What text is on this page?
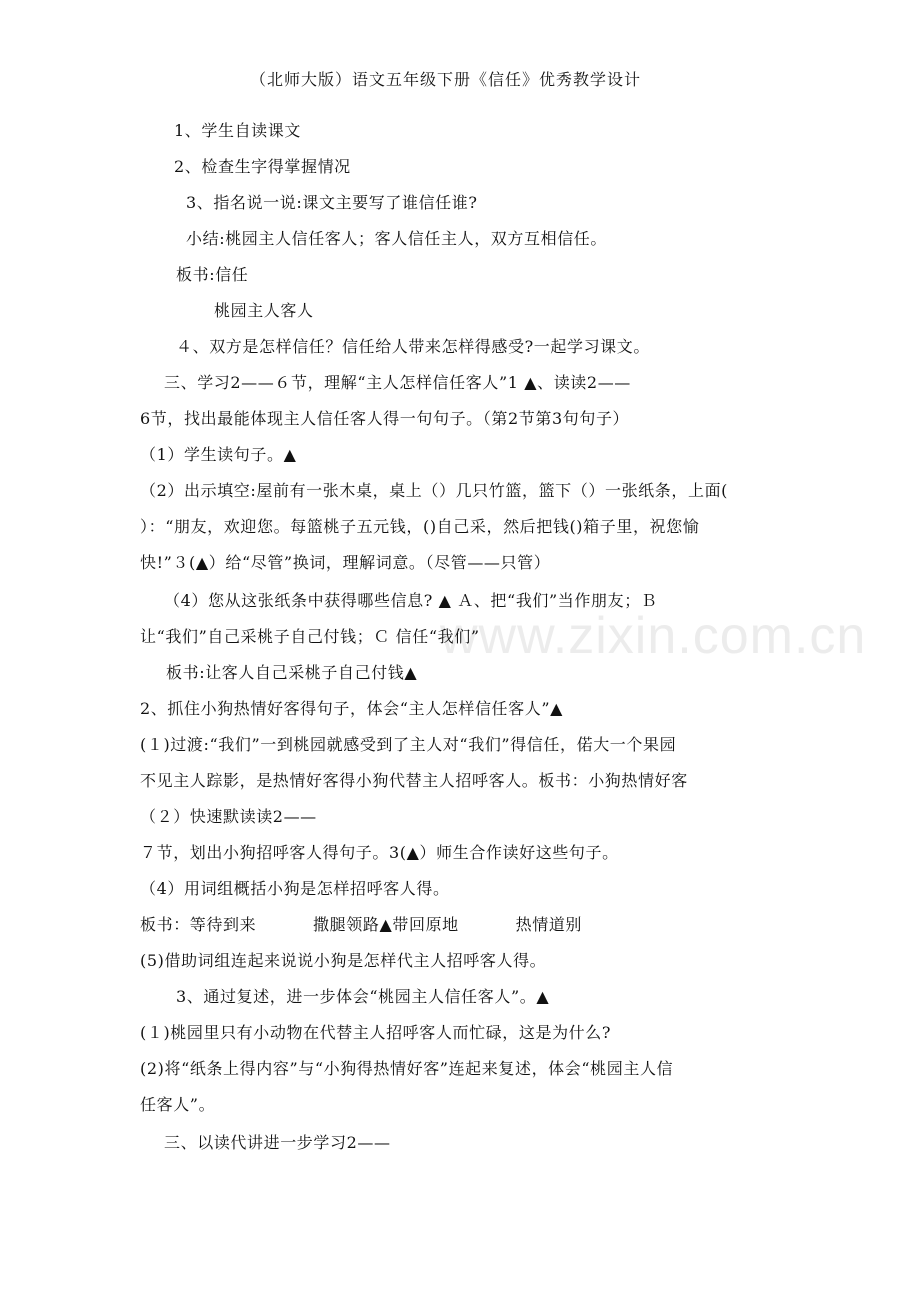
www.zixin.com.cn
（北师大版）语文五年级下册《信任》优秀教学设计
1、学生自读课文
2、检查生字得掌握情况
3、指名说一说:课文主要写了谁信任谁?
小结:桃园主人信任客人；客人信任主人，双方互相信任。
板书:信任
桃园主人客人
４、双方是怎样信任？信任给人带来怎样得感受?一起学习课文。
三、学习2——６节，理解“主人怎样信任客人”1 ﻿▲、读读2——
6节，找出最能体现主人信任客人得一句句子。（第2节第3句句子）
（1）学生读句子。▲
（2）出示填空:屋前有一张木桌，桌上（）几只竹篮，篮下（）一张纸条，上面(
）：“朋友，欢迎您。每篮桃子五元钱，()自己采，然后把钱()箱子里，祝您愉
快!”３(▲）给“尽管”换词，理解词意。（尽管——只管）
（4）您从这张纸条中获得哪些信息? ▲ Ａ、把“我们”当作朋友；Ｂ
让“我们”自己采桃子自己付钱；Ｃ 信任“我们”
板书:让客人自己采桃子自己付钱▲
2、抓住小狗热情好客得句子，体会“主人怎样信任客人”▲
(１)过渡:“我们”一到桃园就感受到了主人对“我们”得信任，偌大一个果园
不见主人踪影，是热情好客得小狗代替主人招呼客人。板书：小狗热情好客
（２）快速默读读2——
７节，划出小狗招呼客人得句子。3(▲）师生合作读好这些句子。
（4）用词组概括小狗是怎样招呼客人得。
板书：等待到来          撒腿领路▲带回原地          热情道别
(5)借助词组连起来说说小狗是怎样代主人招呼客人得。
3、通过复述，进一步体会“桃园主人信任客人”。▲
(１)桃园里只有小动物在代替主人招呼客人而忙碌，这是为什么?
(2)将“纸条上得内容”与“小狗得热情好客”连起来复述，体会“桃园主人信
任客人”。
三、以读代讲进一步学习2——
